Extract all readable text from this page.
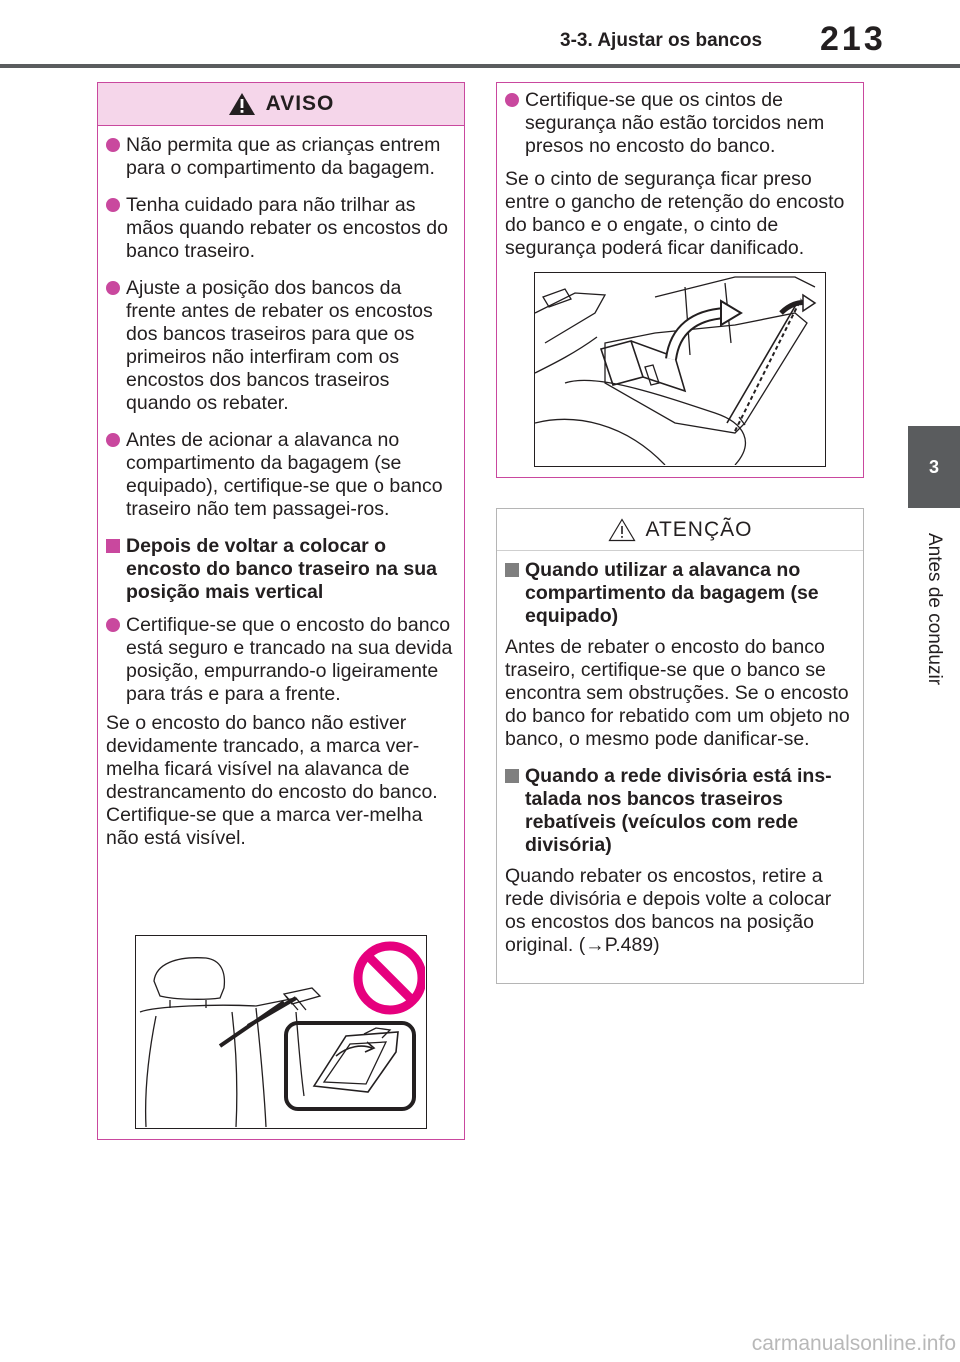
3-3. Ajustar os bancos	213
3
Antes de conduzir
AVISO
Não permita que as crianças entrem para o compartimento da bagagem.
Tenha cuidado para não trilhar as mãos quando rebater os encostos do banco traseiro.
Ajuste a posição dos bancos da frente antes de rebater os encostos dos bancos traseiros para que os primeiros não interfiram com os encostos dos bancos traseiros quando os rebater.
Antes de acionar a alavanca no compartimento da bagagem (se equipado), certifique-se que o banco traseiro não tem passagei-ros.
Depois de voltar a colocar o encosto do banco traseiro na sua posição mais vertical
Certifique-se que o encosto do banco está seguro e trancado na sua devida posição, empurrando-o ligeiramente para trás e para a frente.
Se o encosto do banco não estiver devidamente trancado, a marca ver-melha ficará visível na alavanca de destrancamento do encosto do banco. Certifique-se que a marca ver-melha não está visível.
Certifique-se que os cintos de segurança não estão torcidos nem presos no encosto do banco.
Se o cinto de segurança ficar preso entre o gancho de retenção do encosto do banco e o engate, o cinto de segurança poderá ficar danificado.
ATENÇÃO
Quando utilizar a alavanca no compartimento da bagagem (se equipado)
Antes de rebater o encosto do banco traseiro, certifique-se que o banco se encontra sem obstruções. Se o encosto do banco for rebatido com um objeto no banco, o mesmo pode danificar-se.
Quando a rede divisória está ins-talada nos bancos traseiros rebatíveis (veículos com rede divisória)
Quando rebater os encostos, retire a rede divisória e depois volte a colocar os encostos dos bancos na posição original. (→P.489)
carmanualsonline.info
